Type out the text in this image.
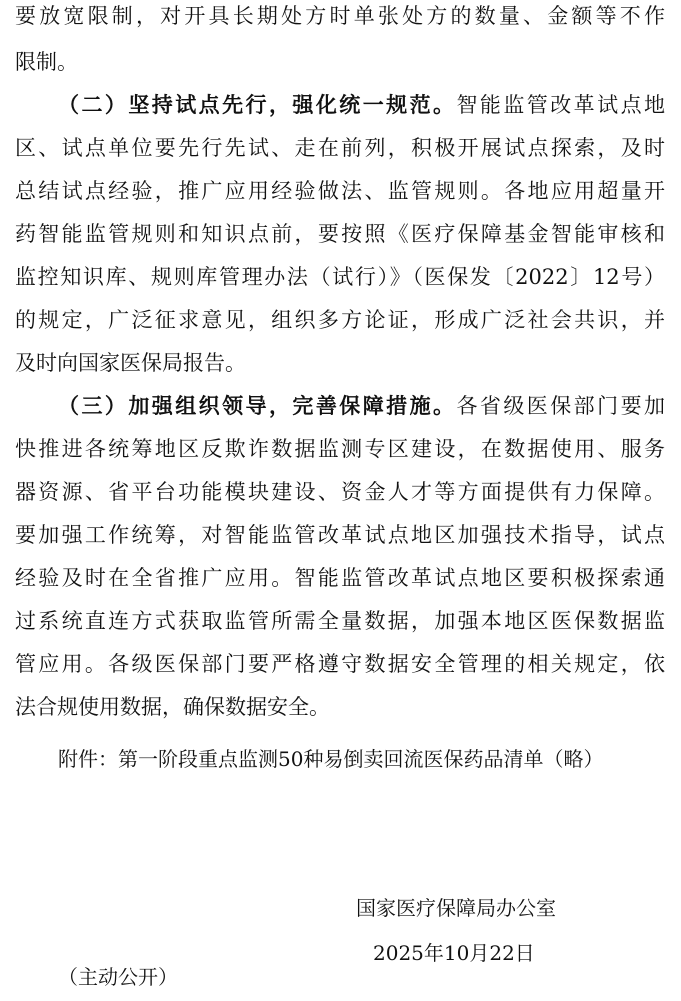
要放宽限制，对开具长期处方时单张处方的数量、金额等不作
限制。
（二）坚持试点先行，强化统一规范。智能监管改革试点地
区、试点单位要先行先试、走在前列，积极开展试点探索，及时
总结试点经验，推广应用经验做法、监管规则。各地应用超量开
药智能监管规则和知识点前，要按照《医疗保障基金智能审核和
监控知识库、规则库管理办法（试行）》（医保发〔2022〕12号）
的规定，广泛征求意见，组织多方论证，形成广泛社会共识，并
及时向国家医保局报告。
（三）加强组织领导，完善保障措施。各省级医保部门要加
快推进各统筹地区反欺诈数据监测专区建设，在数据使用、服务
器资源、省平台功能模块建设、资金人才等方面提供有力保障。
要加强工作统筹，对智能监管改革试点地区加强技术指导，试点
经验及时在全省推广应用。智能监管改革试点地区要积极探索通
过系统直连方式获取监管所需全量数据，加强本地区医保数据监
管应用。各级医保部门要严格遵守数据安全管理的相关规定，依
法合规使用数据，确保数据安全。
附件：第一阶段重点监测50种易倒卖回流医保药品清单（略）
国家医疗保障局办公室
2025年10月22日
（主动公开）
